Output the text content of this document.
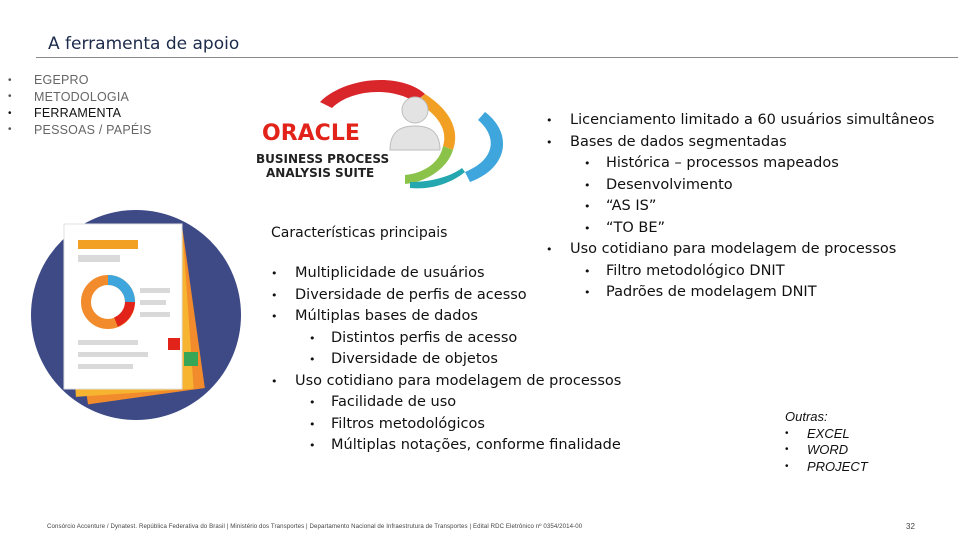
A ferramenta de apoio
•	EGEPRO
•	METODOLOGIA
•	FERRAMENTA
•	PESSOAS / PAPÉIS	ORACLE
BUSINESS PROCESS
ANALYSIS SUITE
Características principais
• Multiplicidade de usuários
• Diversidade de perfis de acesso
• Múltiplas bases de dados
• Distintos perfis de acesso
• Diversidade de objetos
• Uso cotidiano para modelagem de processos
• Facilidade de uso
• Filtros metodológicos
• Múltiplas notações, conforme finalidade
• Licenciamento limitado a 60 usuários simultâneos
• Bases de dados segmentadas
• Histórica – processos mapeados
• Desenvolvimento
• “AS IS”
• “TO BE”
• Uso cotidiano para modelagem de processos
• Filtro metodológico DNIT
• Padrões de modelagem DNIT
Outras:
• EXCEL
• WORD
• PROJECT
Consórcio Accenture / Dynatest. República Federativa do Brasil | Ministério dos Transportes | Departamento Nacional de Infraestrutura de Transportes | Edital RDC Eletrônico nº 0354/2014-00	32
